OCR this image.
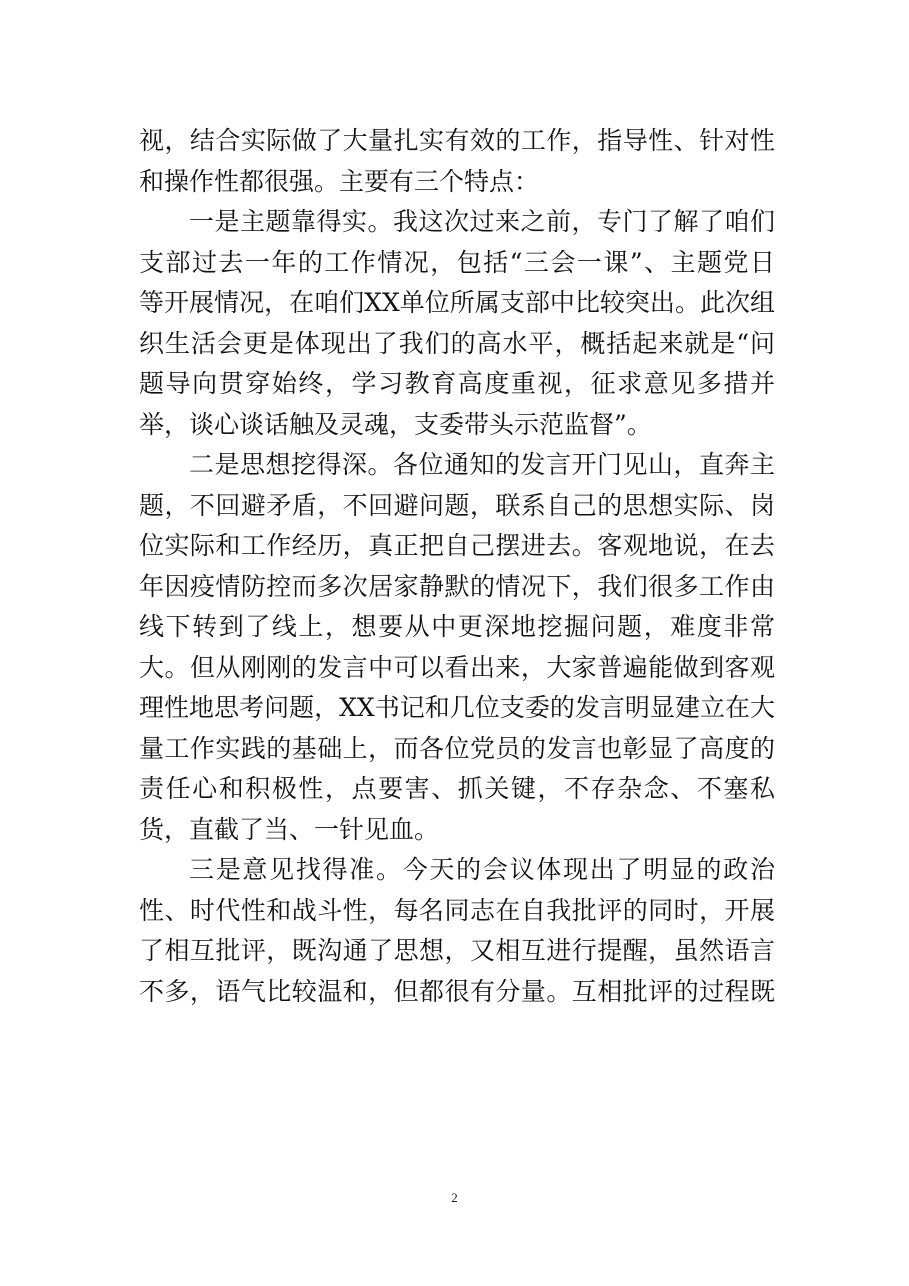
视，结合实际做了大量扎实有效的工作，指导性、针对性
和操作性都很强。主要有三个特点：
一是主题靠得实。我这次过来之前，专门了解了咱们
支部过去一年的工作情况，包括“三会一课”、主题党日
等开展情况，在咱们XX单位所属支部中比较突出。此次组
织生活会更是体现出了我们的高水平，概括起来就是“问
题导向贯穿始终，学习教育高度重视，征求意见多措并
举，谈心谈话触及灵魂，支委带头示范监督”。
二是思想挖得深。各位通知的发言开门见山，直奔主
题，不回避矛盾，不回避问题，联系自己的思想实际、岗
位实际和工作经历，真正把自己摆进去。客观地说，在去
年因疫情防控而多次居家静默的情况下，我们很多工作由
线下转到了线上，想要从中更深地挖掘问题，难度非常
大。但从刚刚的发言中可以看出来，大家普遍能做到客观
理性地思考问题，XX书记和几位支委的发言明显建立在大
量工作实践的基础上，而各位党员的发言也彰显了高度的
责任心和积极性，点要害、抓关键，不存杂念、不塞私
货，直截了当、一针见血。
三是意见找得准。今天的会议体现出了明显的政治
性、时代性和战斗性，每名同志在自我批评的同时，开展
了相互批评，既沟通了思想，又相互进行提醒，虽然语言
不多，语气比较温和，但都很有分量。互相批评的过程既
2
